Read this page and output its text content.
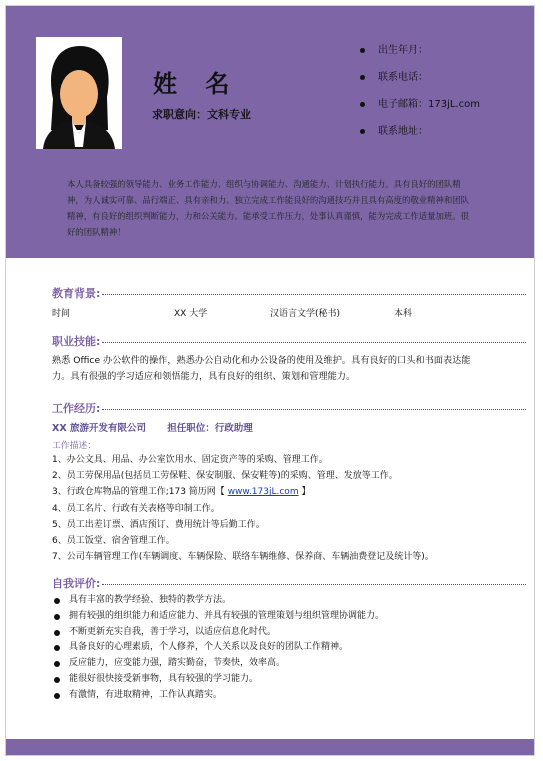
姓 名
求职意向：文科专业
出生年月：
联系电话：
电子邮箱：173jL.com
联系地址：
本人具备较强的领导能力、业务工作能力、组织与协调能力、沟通能力、计划执行能力。具有良好的团队精神，为人诚实可靠、品行端正、具有亲和力、独立完成工作能良好的沟通技巧并且具有高度的敬业精神和团队精神，有良好的组织判断能力，力和公关能力。能承受工作压力，处事认真谨慎，能为完成工作适量加班。很好的团队精神！
教育背景:
时间	XX 大学	汉语言文学(秘书)	本科
职业技能:
熟悉 Office 办公软件的操作，熟悉办公自动化和办公设备的使用及维护。具有良好的口头和书面表达能力。具有很强的学习适应和领悟能力，具有良好的组织、策划和管理能力。
工作经历:
XX 旅游开发有限公司 担任职位：行政助理
工作描述：
1、办公文具、用品、办公室饮用水、固定资产等的采购、管理工作。
2、员工劳保用品(包括员工劳保鞋、保安制服、保安鞋等)的采购、管理、发放等工作。
3、行政仓库物品的管理工作;173 简历网【 www.173jL.com 】
4、员工名片、行政有关表格等印制工作。
5、员工出差订票、酒店预订、费用统计等后勤工作。
6、员工饭堂、宿舍管理工作。
7、公司车辆管理工作(车辆调度、车辆保险、联络车辆维修、保养商、车辆油费登记及统计等)。
自我评价:
具有丰富的教学经验、独特的教学方法。
拥有较强的组织能力和适应能力、并具有较强的管理策划与组织管理协调能力。
不断更新充实自我，善于学习，以适应信息化时代。
具备良好的心理素质，个人修养，个人关系以及良好的团队工作精神。
反应能力，应变能力强，踏实勤奋，节奏快，效率高。
能很好很快接受新事物，具有较强的学习能力。
有激情，有进取精神，工作认真踏实。
